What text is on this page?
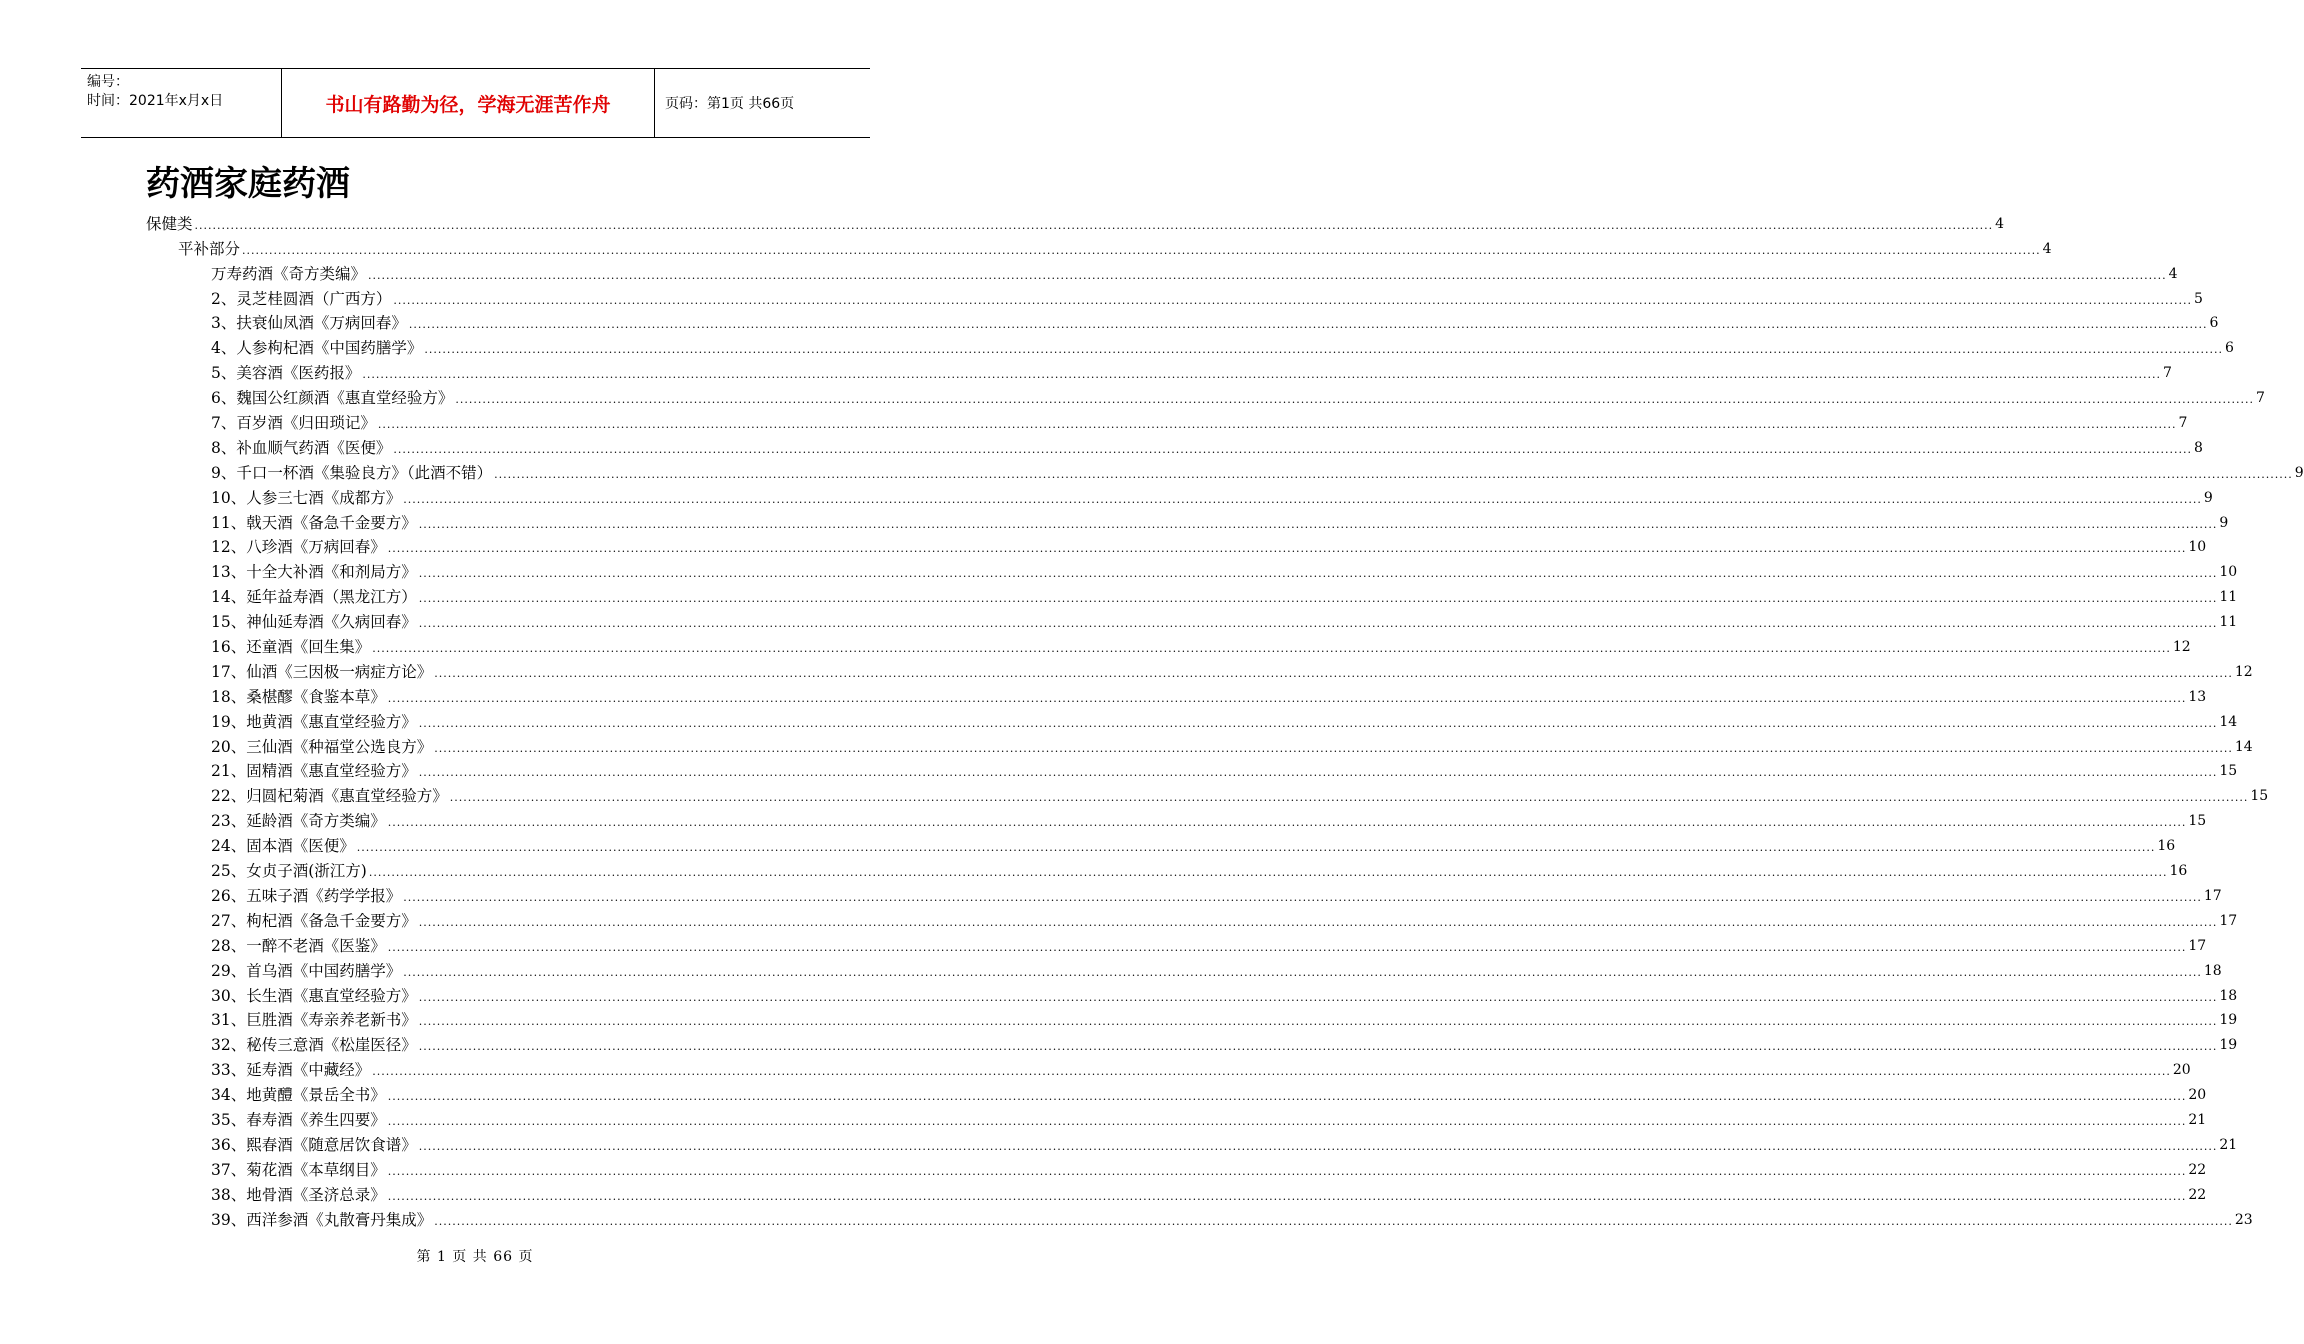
编号：
时间：2021年x月x日	书山有路勤为径，学海无涯苦作舟	页码：第1页 共66页
药酒家庭药酒
保健类 ................................................................................................................................................................................................................................................................................................................................................................................................................ 4
平补部分 ................................................................................................................................................................................................................................................................................................................................................................................................................ 4
万寿药酒《奇方类编》 ................................................................................................................................................................................................................................................................................................................................................................................................................ 4
2、 灵芝桂圆酒（广西方） ................................................................................................................................................................................................................................................................................................................................................................................................................ 5
3、 扶衰仙凤酒《万病回春》 ................................................................................................................................................................................................................................................................................................................................................................................................................ 6
4、 人参枸杞酒《中国药膳学》 ................................................................................................................................................................................................................................................................................................................................................................................................................ 6
5、 美容酒《医药报》 ................................................................................................................................................................................................................................................................................................................................................................................................................ 7
6、 魏国公红颜酒《惠直堂经验方》 ................................................................................................................................................................................................................................................................................................................................................................................................................ 7
7、 百岁酒《归田琐记》 ................................................................................................................................................................................................................................................................................................................................................................................................................ 7
8、 补血顺气药酒《医便》 ................................................................................................................................................................................................................................................................................................................................................................................................................ 8
9、 千口一杯酒《集验良方》（此酒不错） ................................................................................................................................................................................................................................................................................................................................................................................................................ 9
10、人参三七酒《成都方》 ................................................................................................................................................................................................................................................................................................................................................................................................................ 9
11、 戟天酒《备急千金要方》 ................................................................................................................................................................................................................................................................................................................................................................................................................ 9
12、 八珍酒《万病回春》 ................................................................................................................................................................................................................................................................................................................................................................................................................ 10
13、 十全大补酒《和剂局方》 ................................................................................................................................................................................................................................................................................................................................................................................................................ 10
14、 延年益寿酒（黑龙江方） ................................................................................................................................................................................................................................................................................................................................................................................................................ 11
15、 神仙延寿酒《久病回春》 ................................................................................................................................................................................................................................................................................................................................................................................................................ 11
16、 还童酒《回生集》 ................................................................................................................................................................................................................................................................................................................................................................................................................ 12
17、 仙酒《三因极一病症方论》 ................................................................................................................................................................................................................................................................................................................................................................................................................ 12
18、 桑椹醪《食鉴本草》 ................................................................................................................................................................................................................................................................................................................................................................................................................ 13
19、 地黄酒《惠直堂经验方》 ................................................................................................................................................................................................................................................................................................................................................................................................................ 14
20、 三仙酒《种福堂公选良方》 ................................................................................................................................................................................................................................................................................................................................................................................................................ 14
21、 固精酒《惠直堂经验方》 ................................................................................................................................................................................................................................................................................................................................................................................................................ 15
22、 归圆杞菊酒《惠直堂经验方》 ................................................................................................................................................................................................................................................................................................................................................................................................................ 15
23、 延龄酒《奇方类编》 ................................................................................................................................................................................................................................................................................................................................................................................................................ 15
24、 固本酒《医便》 ................................................................................................................................................................................................................................................................................................................................................................................................................ 16
25、 女贞子酒(浙江方) ................................................................................................................................................................................................................................................................................................................................................................................................................ 16
26、 五味子酒《药学学报》 ................................................................................................................................................................................................................................................................................................................................................................................................................ 17
27、 枸杞酒《备急千金要方》 ................................................................................................................................................................................................................................................................................................................................................................................................................ 17
28、 一醉不老酒《医鉴》 ................................................................................................................................................................................................................................................................................................................................................................................................................ 17
29、 首乌酒《中国药膳学》 ................................................................................................................................................................................................................................................................................................................................................................................................................ 18
30、 长生酒《惠直堂经验方》 ................................................................................................................................................................................................................................................................................................................................................................................................................ 18
31、 巨胜酒《寿亲养老新书》 ................................................................................................................................................................................................................................................................................................................................................................................................................ 19
32、 秘传三意酒《松崖医径》 ................................................................................................................................................................................................................................................................................................................................................................................................................ 19
33、 延寿酒《中藏经》 ................................................................................................................................................................................................................................................................................................................................................................................................................ 20
34、 地黄醴《景岳全书》 ................................................................................................................................................................................................................................................................................................................................................................................................................ 20
35、 春寿酒《养生四要》 ................................................................................................................................................................................................................................................................................................................................................................................................................ 21
36、 熙春酒《随意居饮食谱》 ................................................................................................................................................................................................................................................................................................................................................................................................................ 21
37、 菊花酒《本草纲目》 ................................................................................................................................................................................................................................................................................................................................................................................................................ 22
38、 地骨酒《圣济总录》 ................................................................................................................................................................................................................................................................................................................................................................................................................ 22
39、 西洋参酒《丸散膏丹集成》 ................................................................................................................................................................................................................................................................................................................................................................................................................ 23
第 1 页 共 66 页
